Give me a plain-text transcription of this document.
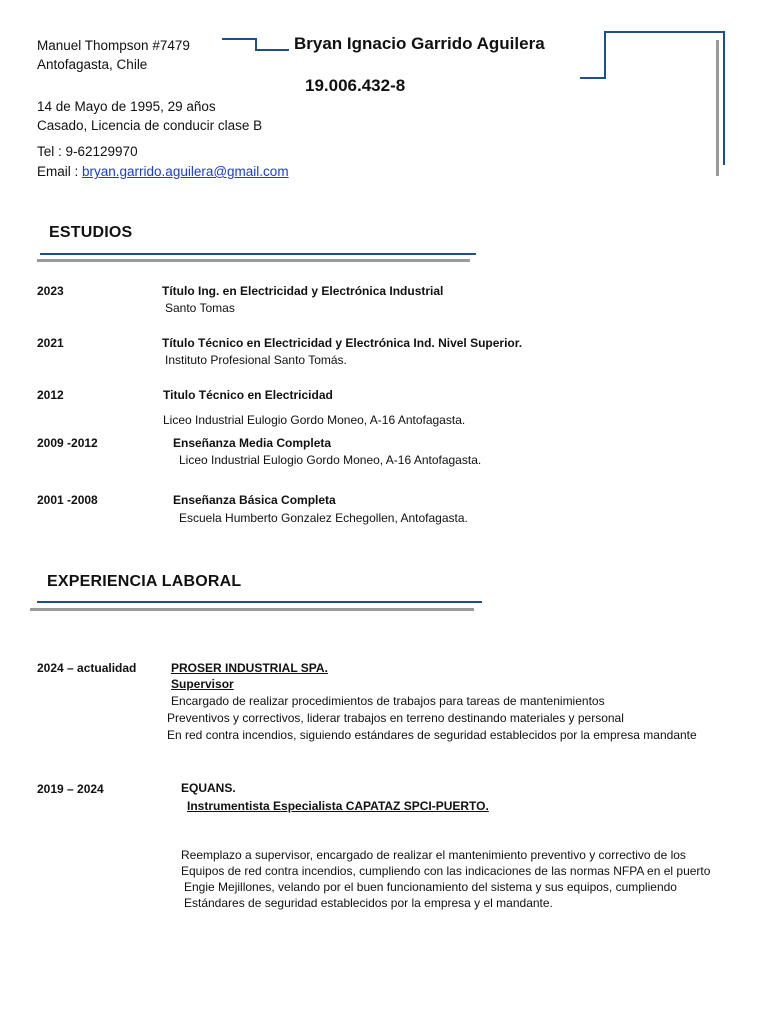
Manuel Thompson #7479
Antofagasta, Chile
14 de Mayo de 1995, 29 años
Casado, Licencia de conducir clase B
Tel : 9-62129970
Email : bryan.garrido.aguilera@gmail.com
Bryan Ignacio Garrido Aguilera
19.006.432-8
ESTUDIOS
2023	Título Ing. en Electricidad y Electrónica Industrial
Santo Tomas
2021	Título Técnico en Electricidad y Electrónica Ind. Nivel Superior.
Instituto Profesional Santo Tomás.
2012	Titulo Técnico en Electricidad
Liceo Industrial Eulogio Gordo Moneo, A-16 Antofagasta.
2009 -2012	Enseñanza Media Completa
Liceo Industrial Eulogio Gordo Moneo, A-16 Antofagasta.
2001 -2008	Enseñanza Básica Completa
Escuela Humberto Gonzalez Echegollen, Antofagasta.
EXPERIENCIA LABORAL
2024 – actualidad	PROSER INDUSTRIAL SPA.
Supervisor
Encargado de realizar procedimientos de trabajos para tareas de mantenimientos
Preventivos y correctivos, liderar trabajos en terreno destinando materiales y personal
En red contra incendios, siguiendo estándares de seguridad establecidos por la empresa mandante
2019 – 2024	EQUANS.
Instrumentista Especialista CAPATAZ SPCI-PUERTO.
Reemplazo a supervisor, encargado de realizar el mantenimiento preventivo y correctivo de los
Equipos de red contra incendios, cumpliendo con las indicaciones de las normas NFPA en el puerto
Engie Mejillones, velando por el buen funcionamiento del sistema y sus equipos, cumpliendo
Estándares de seguridad establecidos por la empresa y el mandante.
